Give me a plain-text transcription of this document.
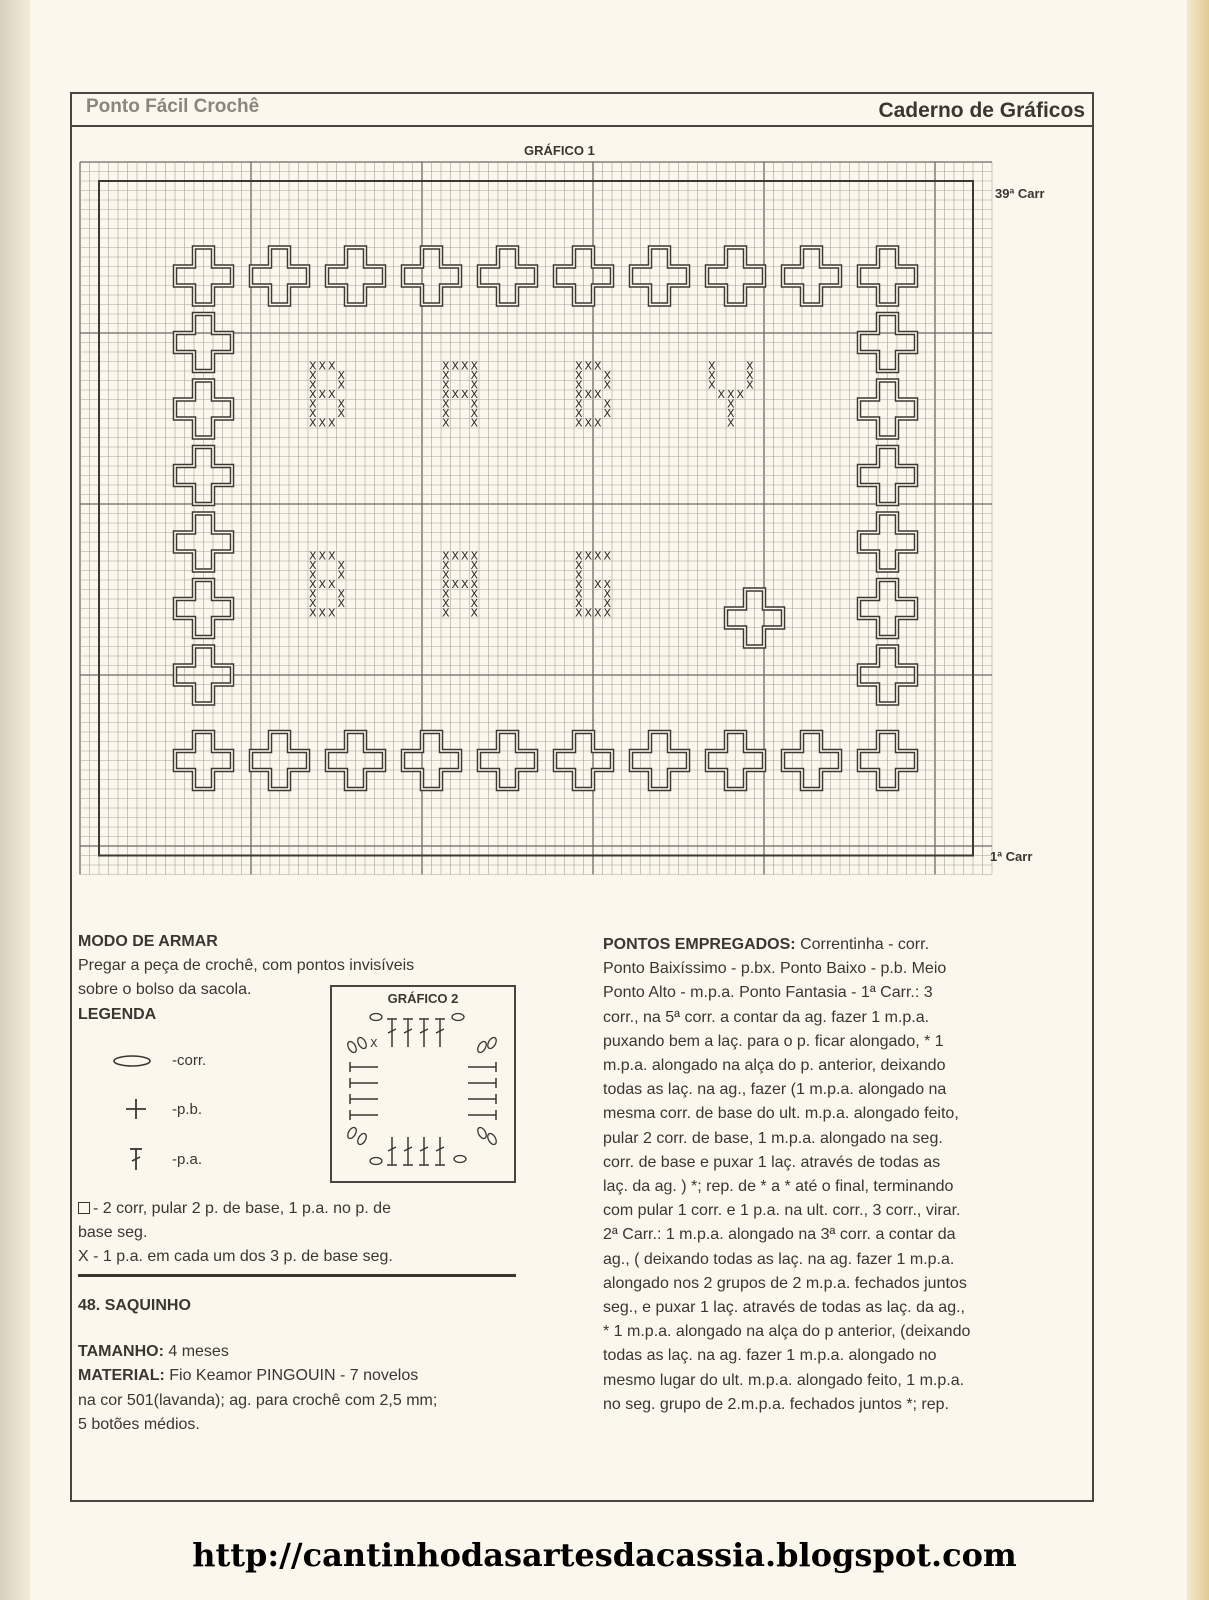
Ponto Fácil Crochê	Caderno de Gráficos
GRÁFICO 1
X X X
X X
X X
X X X
X X
X X
X X X
X X X X
X X
X X
X X X X
X X
X X
X X
X X X
X X
X X
X X X
X X
X X
X X X
X	X
X	X
X	X
X X X
X
X
X
X X X
X X
X X
X X X
X X
X X
X X X
X X X X
X X
X X
X X X X
X X
X X
X X
X X X X
X
X
X X X
X X
X X
X X X X
39ª Carr
1ª Carr

MODO DE ARMAR

Pregar a peça de crochê, com pontos invisíveis

sobre o bolso da sacola.

LEGENDA

-corr.
-p.b.
-p.a.
GRÁFICO 2
X

- 2 corr, pular 2 p. de base, 1 p.a. no p. de

base seg.

X - 1 p.a. em cada um dos 3 p. de base seg.

48. SAQUINHO

TAMANHO: 4 meses

MATERIAL: Fio Keamor PINGOUIN - 7 novelos

na cor 501(lavanda); ag. para crochê com 2,5 mm;

5 botões médios.

PONTOS EMPREGADOS: Correntinha - corr.

Ponto Baixíssimo - p.bx. Ponto Baixo - p.b. Meio

Ponto Alto - m.p.a. Ponto Fantasia - 1ª Carr.: 3

corr., na 5ª corr. a contar da ag. fazer 1 m.p.a.

puxando bem a laç. para o p. ficar alongado, * 1

m.p.a. alongado na alça do p. anterior, deixando

todas as laç. na ag., fazer (1 m.p.a. alongado na

mesma corr. de base do ult. m.p.a. alongado feito,

pular 2 corr. de base, 1 m.p.a. alongado na seg.

corr. de base e puxar 1 laç. através de todas as

laç. da ag. ) *; rep. de * a * até o final, terminando

com pular 1 corr. e 1 p.a. na ult. corr., 3 corr., virar.

2ª Carr.: 1 m.p.a. alongado na 3ª corr. a contar da

ag., ( deixando todas as laç. na ag. fazer 1 m.p.a.

alongado nos 2 grupos de 2 m.p.a. fechados juntos

seg., e puxar 1 laç. através de todas as laç. da ag.,

* 1 m.p.a. alongado na alça do p anterior, (deixando

todas as laç. na ag. fazer 1 m.p.a. alongado no

mesmo lugar do ult. m.p.a. alongado feito, 1 m.p.a.

no seg. grupo de 2.m.p.a. fechados juntos *; rep.

http://cantinhodasartesdacassia.blogspot.com
